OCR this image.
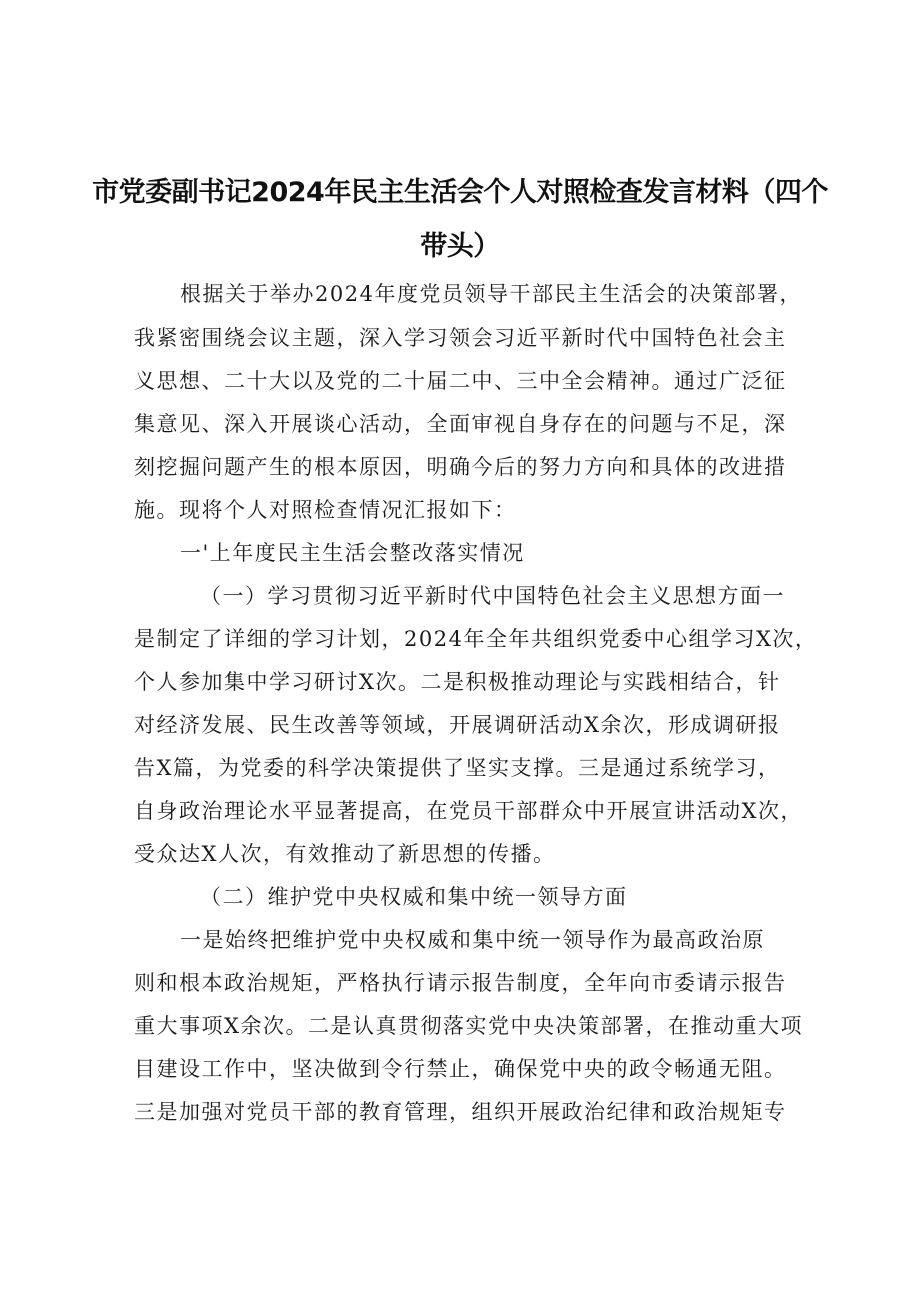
市党委副书记2024年民主生活会个人对照检查发言材料（四个
带头）
根据关于举办2024年度党员领导干部民主生活会的决策部署，
我紧密围绕会议主题，深入学习领会习近平新时代中国特色社会主
义思想、二十大以及党的二十届二中、三中全会精神。通过广泛征
集意见、深入开展谈心活动，全面审视自身存在的问题与不足，深
刻挖掘问题产生的根本原因，明确今后的努力方向和具体的改进措
施。现将个人对照检查情况汇报如下：
一'上年度民主生活会整改落实情况
（一）学习贯彻习近平新时代中国特色社会主义思想方面一
是制定了详细的学习计划，2024年全年共组织党委中心组学习X次，
个人参加集中学习研讨X次。二是积极推动理论与实践相结合，针
对经济发展、民生改善等领域，开展调研活动X余次，形成调研报
告X篇，为党委的科学决策提供了坚实支撑。三是通过系统学习，
自身政治理论水平显著提高，在党员干部群众中开展宣讲活动X次，
受众达X人次，有效推动了新思想的传播。
（二）维护党中央权威和集中统一领导方面
一是始终把维护党中央权威和集中统一领导作为最高政治原
则和根本政治规矩，严格执行请示报告制度，全年向市委请示报告
重大事项X余次。二是认真贯彻落实党中央决策部署，在推动重大项
目建设工作中，坚决做到令行禁止，确保党中央的政令畅通无阻。
三是加强对党员干部的教育管理，组织开展政治纪律和政治规矩专
